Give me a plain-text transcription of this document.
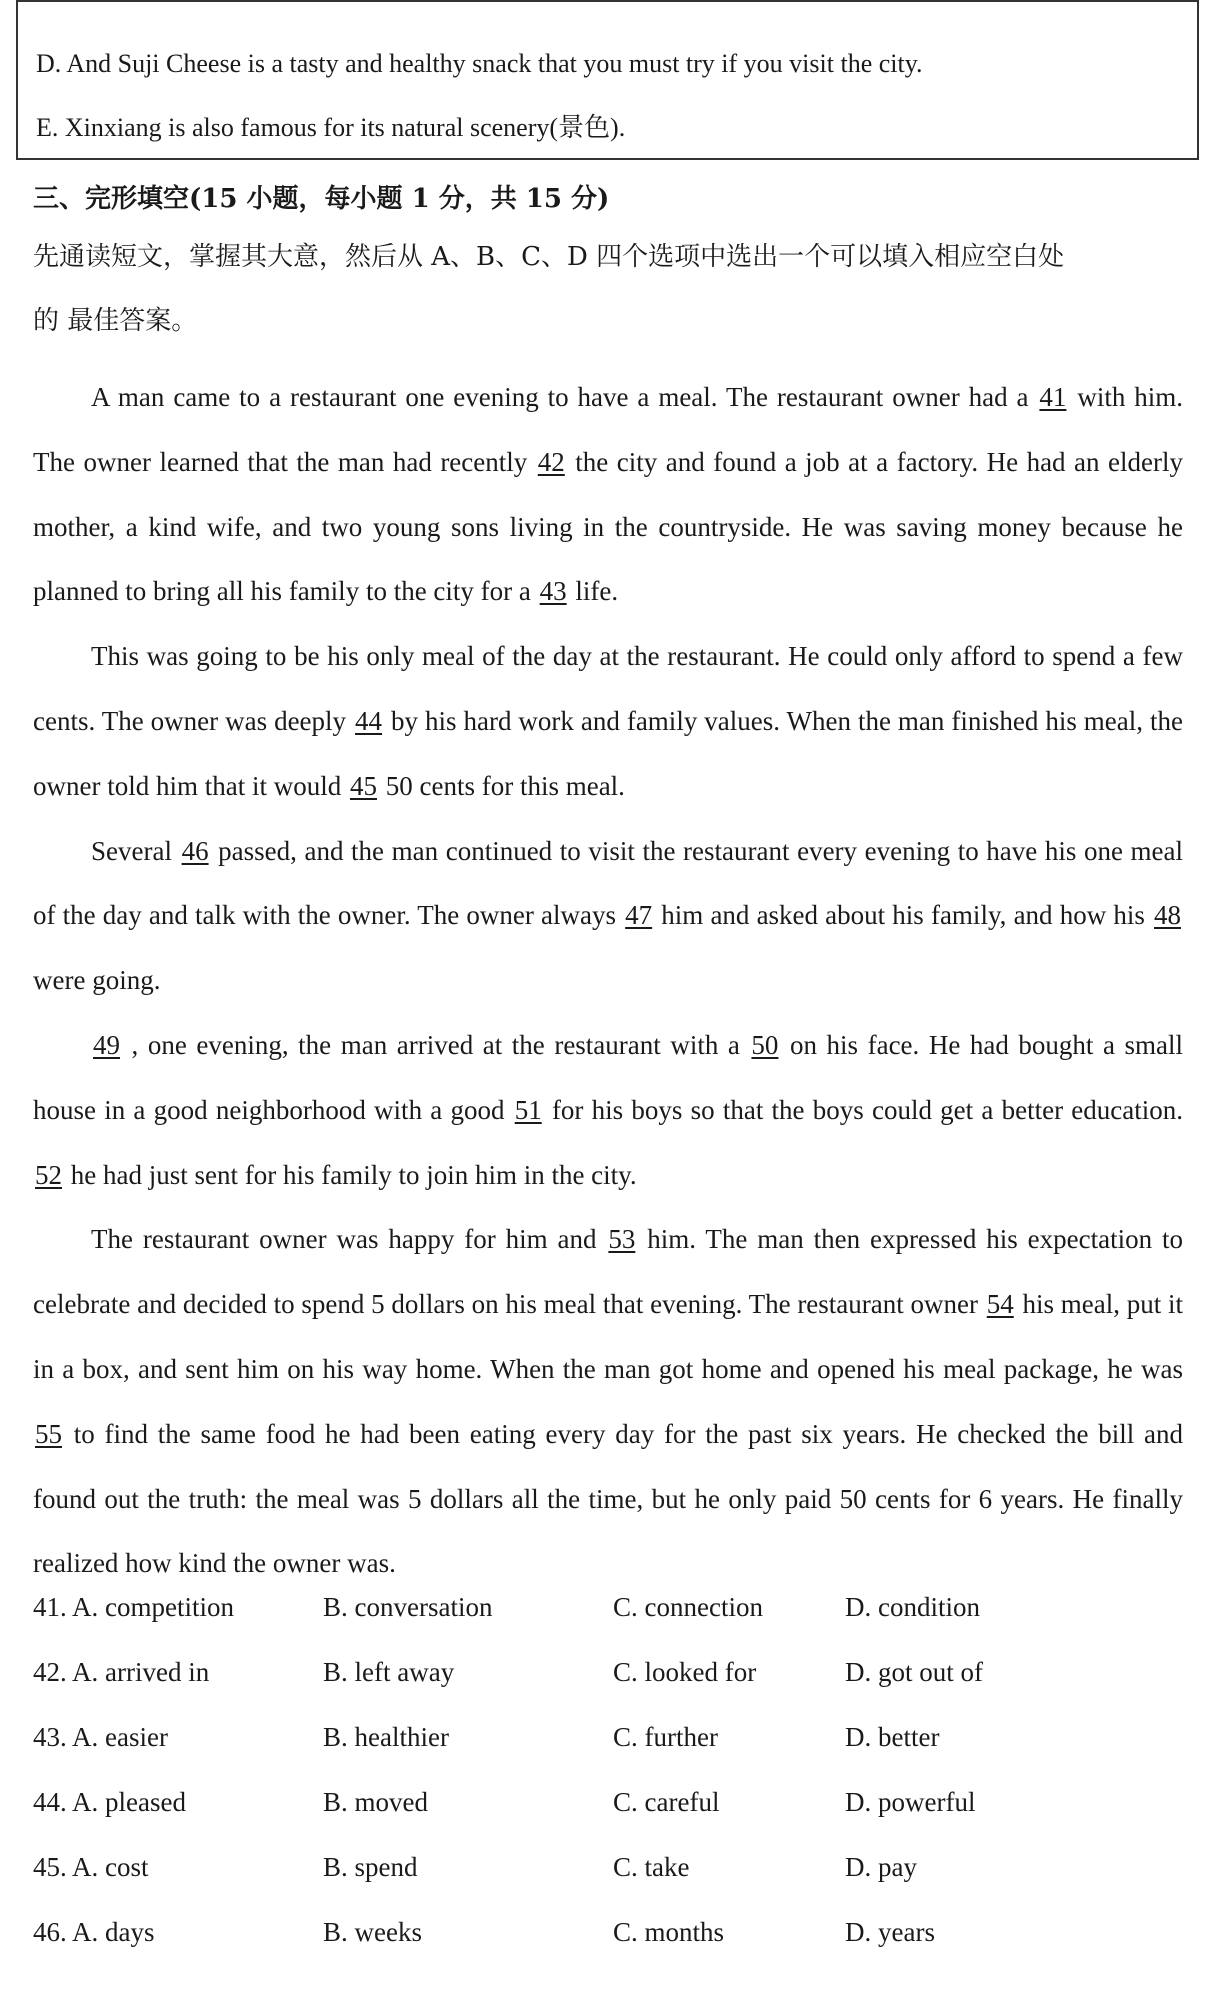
D. And Suji Cheese is a tasty and healthy snack that you must try if you visit the city.
E. Xinxiang is also famous for its natural scenery(景色).
三、完形填空(15 小题，每小题 1 分，共 15 分)
先通读短文，掌握其大意，然后从 A、B、C、D 四个选项中选出一个可以填入相应空白处
的 最佳答案。

A man came to a restaurant one evening to have a meal. The restaurant owner had a 41 with him. The owner learned that the man had recently 42 the city and found a job at a factory. He had an elderly mother, a kind wife, and two young sons living in the countryside. He was saving money because he planned to bring all his family to the city for a 43 life.

This was going to be his only meal of the day at the restaurant. He could only afford to spend a few cents. The owner was deeply 44 by his hard work and family values. When the man finished his meal, the owner told him that it would 45 50 cents for this meal.

Several 46 passed, and the man continued to visit the restaurant every evening to have his one meal of the day and talk with the owner. The owner always 47 him and asked about his family, and how his 48 were going.

49 , one evening, the man arrived at the restaurant with a 50 on his face. He had bought a small house in a good neighborhood with a good 51 for his boys so that the boys could get a better education. 52 he had just sent for his family to join him in the city.

The restaurant owner was happy for him and 53 him. The man then expressed his expectation to celebrate and decided to spend 5 dollars on his meal that evening. The restaurant owner 54 his meal, put it in a box, and sent him on his way home. When the man got home and opened his meal package, he was 55 to find the same food he had been eating every day for the past six years. He checked the bill and found out the truth: the meal was 5 dollars all the time, but he only paid 50 cents for 6 years. He finally realized how kind the owner was.

41. A. competition	B. conversation	C. connection	D. condition
42. A. arrived in	B. left away	C. looked for	D. got out of
43. A. easier	B. healthier	C. further	D. better
44. A. pleased	B. moved	C. careful	D. powerful
45. A. cost	B. spend	C. take	D. pay
46. A. days	B. weeks	C. months	D. years
